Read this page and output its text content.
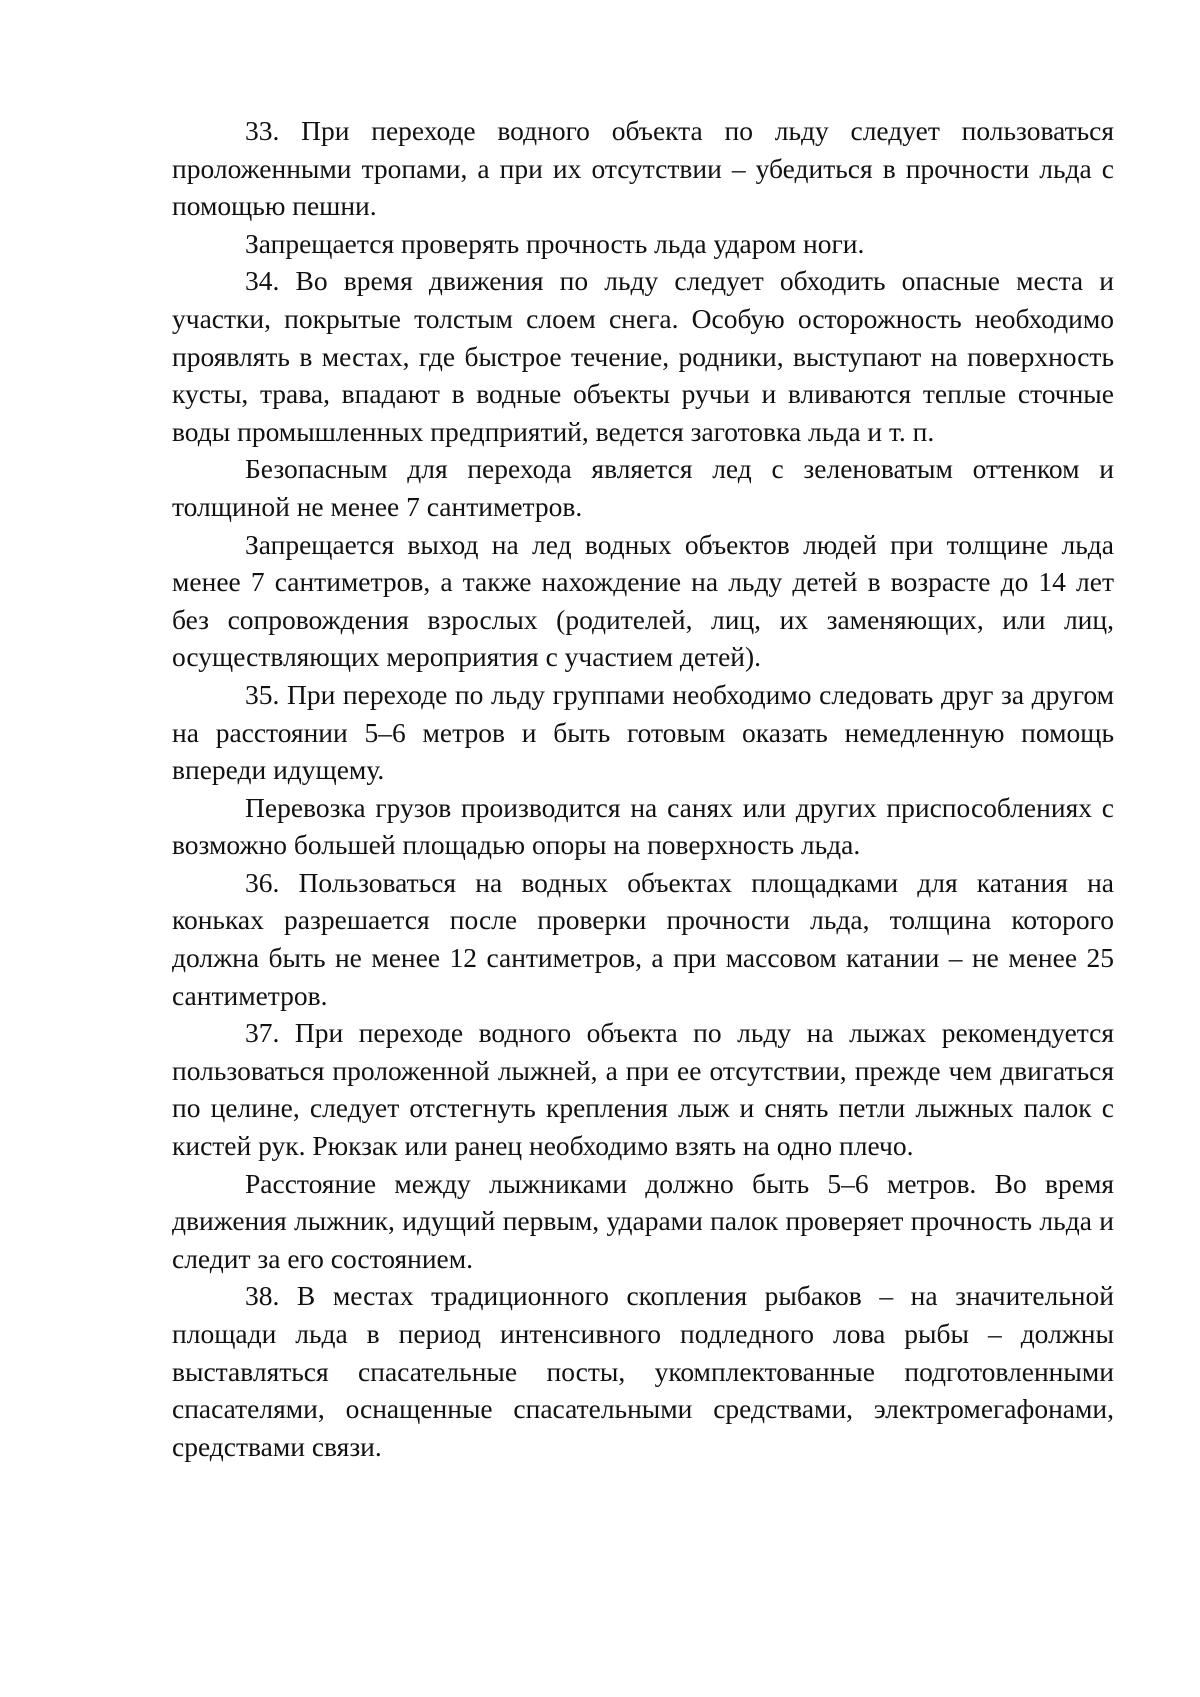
33. При переходе водного объекта по льду следует пользоваться проложенными тропами, а при их отсутствии – убедиться в прочности льда с помощью пешни.

Запрещается проверять прочность льда ударом ноги.

34. Во время движения по льду следует обходить опасные места и участки, покрытые толстым слоем снега. Особую осторожность необходимо проявлять в местах, где быстрое течение, родники, выступают на поверхность кусты, трава, впадают в водные объекты ручьи и вливаются теплые сточные воды промышленных предприятий, ведется заготовка льда и т. п.

Безопасным для перехода является лед с зеленоватым оттенком и толщиной не менее 7 сантиметров.

Запрещается выход на лед водных объектов людей при толщине льда менее 7 сантиметров, а также нахождение на льду детей в возрасте до 14 лет без сопровождения взрослых (родителей, лиц, их заменяющих, или лиц, осуществляющих мероприятия с участием детей).

35. При переходе по льду группами необходимо следовать друг за другом на расстоянии 5–6 метров и быть готовым оказать немедленную помощь впереди идущему.

Перевозка грузов производится на санях или других приспособлениях с возможно большей площадью опоры на поверхность льда.

36. Пользоваться на водных объектах площадками для катания на коньках разрешается после проверки прочности льда, толщина которого должна быть не менее 12 сантиметров, а при массовом катании – не менее 25 сантиметров.

37. При переходе водного объекта по льду на лыжах рекомендуется пользоваться проложенной лыжней, а при ее отсутствии, прежде чем двигаться по целине, следует отстегнуть крепления лыж и снять петли лыжных палок с кистей рук. Рюкзак или ранец необходимо взять на одно плечо.

Расстояние между лыжниками должно быть 5–6 метров. Во время движения лыжник, идущий первым, ударами палок проверяет прочность льда и следит за его состоянием.

38. В местах традиционного скопления рыбаков – на значительной площади льда в период интенсивного подледного лова рыбы – должны выставляться спасательные посты, укомплектованные подготовленными спасателями, оснащенные спасательными средствами, электромегафонами, средствами связи.
